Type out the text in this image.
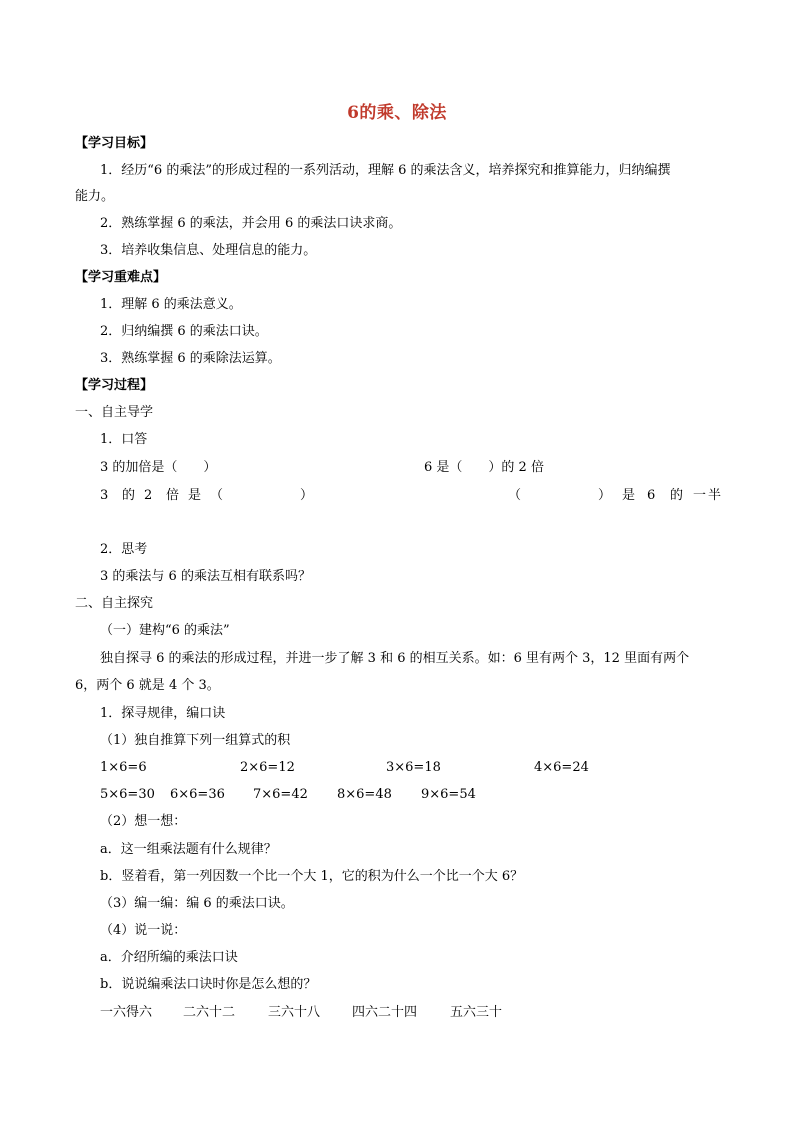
6的乘、除法
【学习目标】
1．经历“6 的乘法”的形成过程的一系列活动，理解 6 的乘法含义，培养探究和推算能力，归纳编撰
能力。
2．熟练掌握 6 的乘法，并会用 6 的乘法口诀求商。
3．培养收集信息、处理信息的能力。
【学习重难点】
1．理解 6 的乘法意义。
2．归纳编撰 6 的乘法口诀。
3．熟练掌握 6 的乘除法运算。
【学习过程】
一、自主导学
1．口答
3 的加倍是（　　）	6 是（　　）的 2 倍
3 的 2 倍 是 （	）	（	） 是 6 的 一 半
2．思考
3 的乘法与 6 的乘法互相有联系吗？
二、自主探究
（一）建构“6 的乘法”
独自探寻 6 的乘法的形成过程，并进一步了解 3 和 6 的相互关系。如：6 里有两个 3，12 里面有两个
6，两个 6 就是 4 个 3。
1．探寻规律，编口诀
（1）独自推算下列一组算式的积
1×6=6	2×6=12	3×6=18	4×6=24
5×6=30 6×6=36 7×6=42 8×6=48 9×6=54
（2）想一想：
a．这一组乘法题有什么规律？
b．竖着看，第一列因数一个比一个大 1，它的积为什么一个比一个大 6？
（3）编一编：编 6 的乘法口诀。
（4）说一说：
a．介绍所编的乘法口诀
b．说说编乘法口诀时你是怎么想的？
一六得六 二六十二	三六十八 四六二十四	五六三十
